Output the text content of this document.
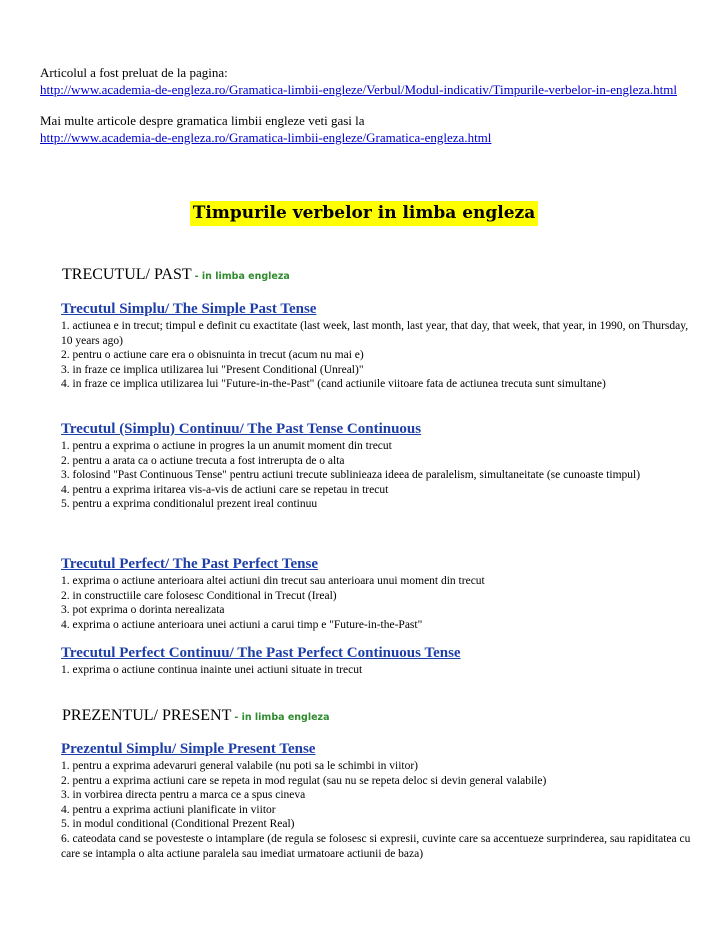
Articolul a fost preluat de la pagina:
http://www.academia-de-engleza.ro/Gramatica-limbii-engleze/Verbul/Modul-indicativ/Timpurile-verbelor-in-engleza.html

Mai multe articole despre gramatica limbii engleze veti gasi la
http://www.academia-de-engleza.ro/Gramatica-limbii-engleze/Gramatica-engleza.html

Timpurile verbelor in limba engleza
TRECUTUL/ PAST - in limba engleza
Trecutul Simplu/ The Simple Past Tense
1. actiunea e in trecut; timpul e definit cu exactitate (last week, last month, last year, that day, that week, that year, in 1990, on Thursday, 10 years ago)
2. pentru o actiune care era o obisnuinta in trecut (acum nu mai e)
3. in fraze ce implica utilizarea lui "Present Conditional (Unreal)"
4. in fraze ce implica utilizarea lui "Future-in-the-Past" (cand actiunile viitoare fata de actiunea trecuta sunt simultane)
Trecutul (Simplu) Continuu/ The Past Tense Continuous
1. pentru a exprima o actiune in progres la un anumit moment din trecut
2. pentru a arata ca o actiune trecuta a fost intrerupta de o alta
3. folosind "Past Continuous Tense" pentru actiuni trecute sublinieaza ideea de paralelism, simultaneitate (se cunoaste timpul)
4. pentru a exprima iritarea vis-a-vis de actiuni care se repetau in trecut
5. pentru a exprima conditionalul prezent ireal continuu
Trecutul Perfect/ The Past Perfect Tense
1. exprima o actiune anterioara altei actiuni din trecut sau anterioara unui moment din trecut
2. in constructiile care folosesc Conditional in Trecut (Ireal)
3. pot exprima o dorinta nerealizata
4. exprima o actiune anterioara unei actiuni a carui timp e "Future-in-the-Past"
Trecutul Perfect Continuu/ The Past Perfect Continuous Tense
1. exprima o actiune continua inainte unei actiuni situate in trecut
PREZENTUL/ PRESENT - in limba engleza
Prezentul Simplu/ Simple Present Tense
1. pentru a exprima adevaruri general valabile (nu poti sa le schimbi in viitor)
2. pentru a exprima actiuni care se repeta in mod regulat (sau nu se repeta deloc si devin general valabile)
3. in vorbirea directa pentru a marca ce a spus cineva
4. pentru a exprima actiuni planificate in viitor
5. in modul conditional (Conditional Prezent Real)
6. cateodata cand se povesteste o intamplare (de regula se folosesc si expresii, cuvinte care sa accentueze surprinderea, sau rapiditatea cu care se intampla o alta actiune paralela sau imediat urmatoare actiunii de baza)
